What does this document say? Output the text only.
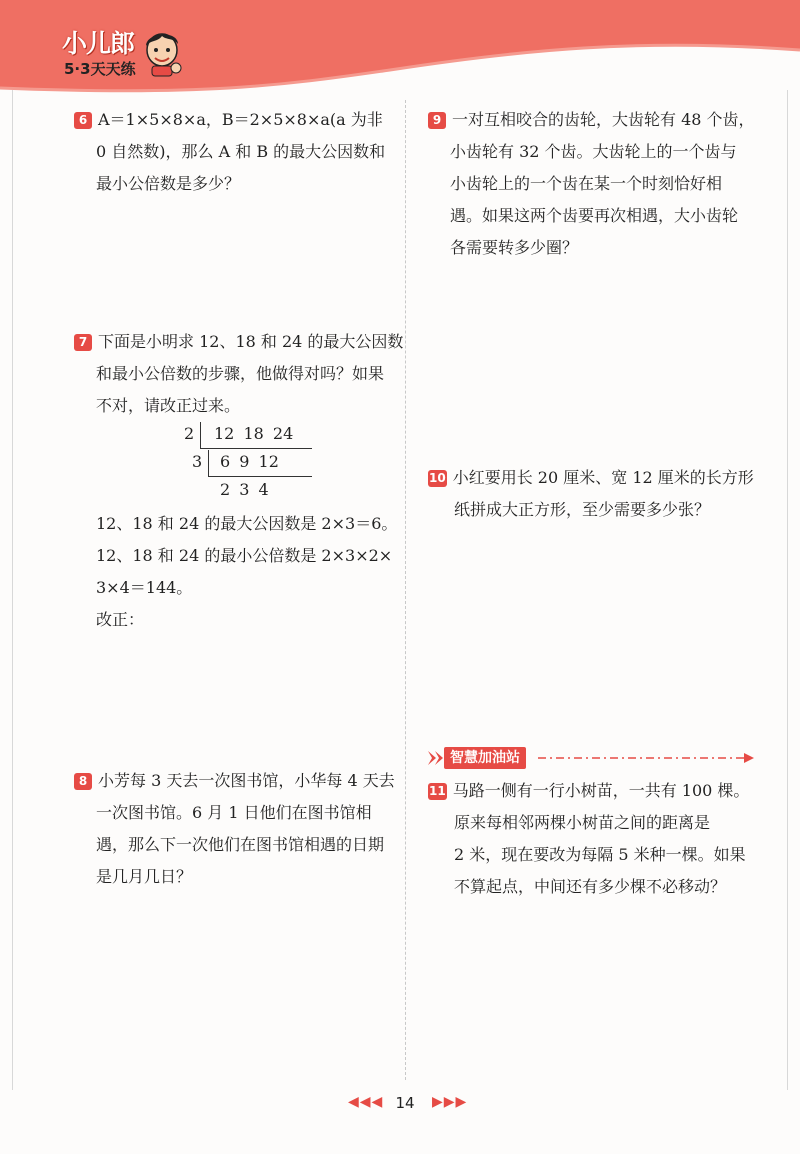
小儿郎
5·3天天练
6 A＝1×5×8×a，B＝2×5×8×a(a 为非
0 自然数)，那么 A 和 B 的最大公因数和
最小公倍数是多少？
7 下面是小明求 12、18 和 24 的最大公因数
和最小公倍数的步骤，他做得对吗？如果
不对，请改正过来。
2 12 18 24
3 6 9 12
2 3 4
12、18 和 24 的最大公因数是 2×3＝6。
12、18 和 24 的最小公倍数是 2×3×2×
3×4＝144。
改正：
8 小芳每 3 天去一次图书馆，小华每 4 天去
一次图书馆。6 月 1 日他们在图书馆相
遇，那么下一次他们在图书馆相遇的日期
是几月几日？
9 一对互相咬合的齿轮，大齿轮有 48 个齿，
小齿轮有 32 个齿。大齿轮上的一个齿与
小齿轮上的一个齿在某一个时刻恰好相
遇。如果这两个齿要再次相遇，大小齿轮
各需要转多少圈？
10 小红要用长 20 厘米、宽 12 厘米的长方形
纸拼成大正方形，至少需要多少张？
智慧加油站
11 马路一侧有一行小树苗，一共有 100 棵。
原来每相邻两棵小树苗之间的距离是
2 米，现在要改为每隔 5 米种一棵。如果
不算起点，中间还有多少棵不必移动？
◀◀◀ 14	▶▶▶
